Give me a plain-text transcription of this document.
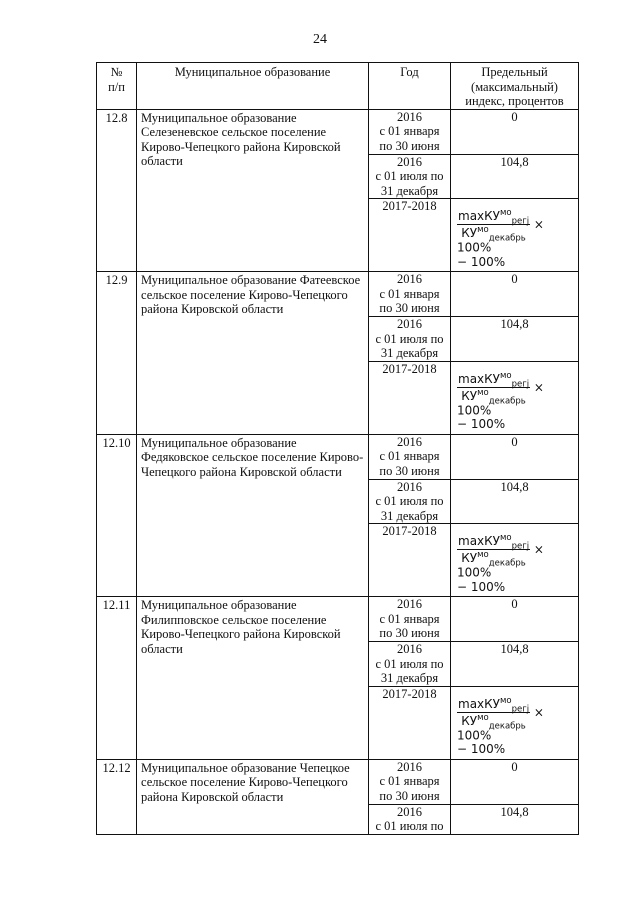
24
№
п/п	Муниципальное образование	Год	Предельный
(максимальный)
индекс, процентов
12.8	Муниципальное образование Селезеневское сельское поселение Кирово-Чепецкого района Кировской области	2016
с 01 января
по 30 июня	0
		2016
с 01 июля по
31 декабря	104,8
		2017-2018	$\frac{\max КУ^{мо}_{регj}}{КУ^{мо}_{декабрь}} \times 100\%$
− 100%

12.9	Муниципальное образование Фатеевское сельское поселение Кирово-Чепецкого района Кировской области	2016
с 01 января
по 30 июня	0
		2016
с 01 июля по
31 декабря	104,8
		2017-2018	$\frac{\max КУ^{мо}_{регj}}{КУ^{мо}_{декабрь}} \times 100\%$
− 100%

12.10	Муниципальное образование Федяковское сельское поселение Кирово-Чепецкого района Кировской области	2016
с 01 января
по 30 июня	0
		2016
с 01 июля по
31 декабря	104,8
		2017-2018	$\frac{\max КУ^{мо}_{регj}}{КУ^{мо}_{декабрь}} \times 100\%$
− 100%

12.11	Муниципальное образование Филипповское сельское поселение Кирово-Чепецкого района Кировской области	2016
с 01 января
по 30 июня	0
		2016
с 01 июля по
31 декабря	104,8
		2017-2018	$\frac{\max КУ^{мо}_{регj}}{КУ^{мо}_{декабрь}} \times 100\%$
− 100%

12.12	Муниципальное образование Чепецкое сельское поселение Кирово-Чепецкого района Кировской области	2016
с 01 января
по 30 июня	0
		2016
с 01 июля по	104,8
